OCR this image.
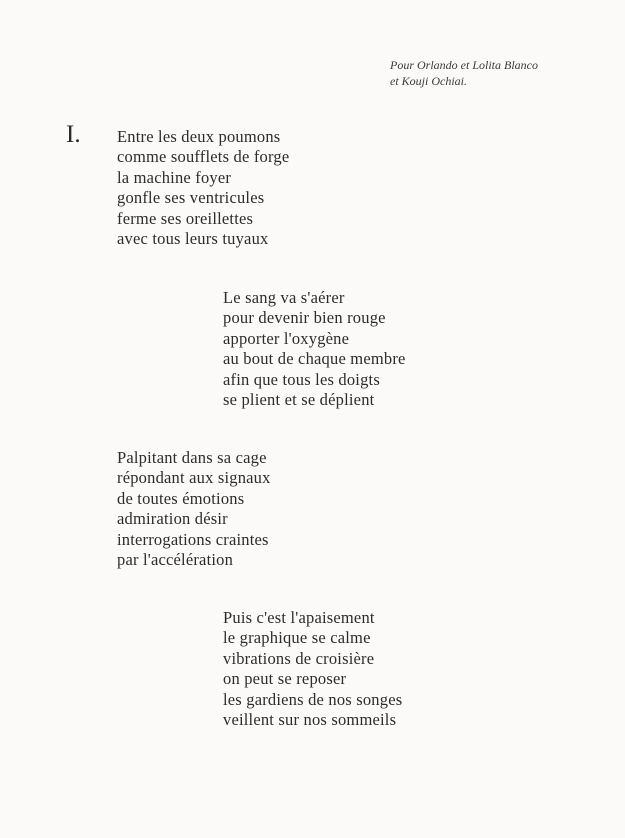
Pour Orlando et Lolita Blanco
et Kouji Ochiai.
I. Entre les deux poumons
comme soufflets de forge
la machine foyer
gonfle ses ventricules
ferme ses oreillettes
avec tous leurs tuyaux
Le sang va s'aérer
pour devenir bien rouge
apporter l'oxygène
au bout de chaque membre
afin que tous les doigts
se plient et se déplient
Palpitant dans sa cage
répondant aux signaux
de toutes émotions
admiration désir
interrogations craintes
par l'accélération
Puis c'est l'apaisement
le graphique se calme
vibrations de croisière
on peut se reposer
les gardiens de nos songes
veillent sur nos sommeils
